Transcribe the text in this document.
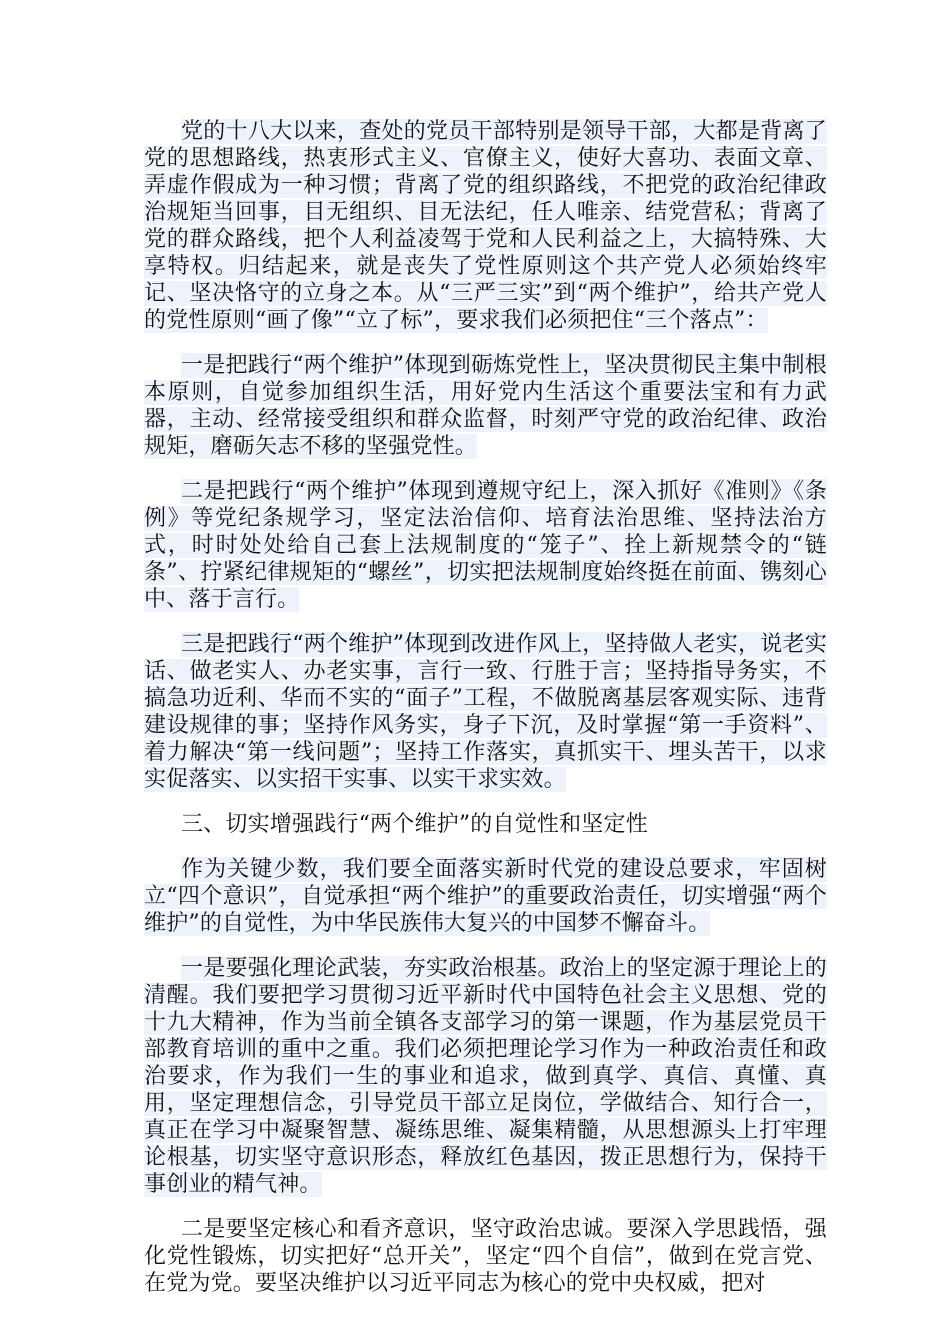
党的十八大以来，查处的党员干部特别是领导干部，大都是背离了党的思想路线，热衷形式主义、官僚主义，使好大喜功、表面文章、弄虚作假成为一种习惯；背离了党的组织路线，不把党的政治纪律政治规矩当回事，目无组织、目无法纪，任人唯亲、结党营私；背离了党的群众路线，把个人利益凌驾于党和人民利益之上，大搞特殊、大享特权。归结起来，就是丧失了党性原则这个共产党人必须始终牢记、坚决恪守的立身之本。从“三严三实”到“两个维护”，给共产党人的党性原则“画了像”“立了标”，要求我们必须把住“三个落点”：

一是把践行“两个维护”体现到砺炼党性上，坚决贯彻民主集中制根本原则，自觉参加组织生活，用好党内生活这个重要法宝和有力武器，主动、经常接受组织和群众监督，时刻严守党的政治纪律、政治规矩，磨砺矢志不移的坚强党性。

二是把践行“两个维护”体现到遵规守纪上，深入抓好《准则》《条例》等党纪条规学习，坚定法治信仰、培育法治思维、坚持法治方式，时时处处给自己套上法规制度的“笼子”、拴上新规禁令的“链条”、拧紧纪律规矩的“螺丝”，切实把法规制度始终挺在前面、镌刻心中、落于言行。

三是把践行“两个维护”体现到改进作风上，坚持做人老实，说老实话、做老实人、办老实事，言行一致、行胜于言；坚持指导务实，不搞急功近利、华而不实的“面子”工程，不做脱离基层客观实际、违背建设规律的事；坚持作风务实，身子下沉，及时掌握“第一手资料”、着力解决“第一线问题”；坚持工作落实，真抓实干、埋头苦干，以求实促落实、以实招干实事、以实干求实效。

三、切实增强践行“两个维护”的自觉性和坚定性

作为关键少数，我们要全面落实新时代党的建设总要求，牢固树立“四个意识”，自觉承担“两个维护”的重要政治责任，切实增强“两个维护”的自觉性，为中华民族伟大复兴的中国梦不懈奋斗。

一是要强化理论武装，夯实政治根基。政治上的坚定源于理论上的清醒。我们要把学习贯彻习近平新时代中国特色社会主义思想、党的十九大精神，作为当前全镇各支部学习的第一课题，作为基层党员干部教育培训的重中之重。我们必须把理论学习作为一种政治责任和政治要求，作为我们一生的事业和追求，做到真学、真信、真懂、真用，坚定理想信念，引导党员干部立足岗位，学做结合、知行合一，真正在学习中凝聚智慧、凝练思维、凝集精髓，从思想源头上打牢理论根基，切实坚守意识形态，释放红色基因，拨正思想行为，保持干事创业的精气神。

二是要坚定核心和看齐意识，坚守政治忠诚。要深入学思践悟，强化党性锻炼，切实把好“总开关”，坚定“四个自信”，做到在党言党、在党为党。要坚决维护以习近平同志为核心的党中央权威，把对
